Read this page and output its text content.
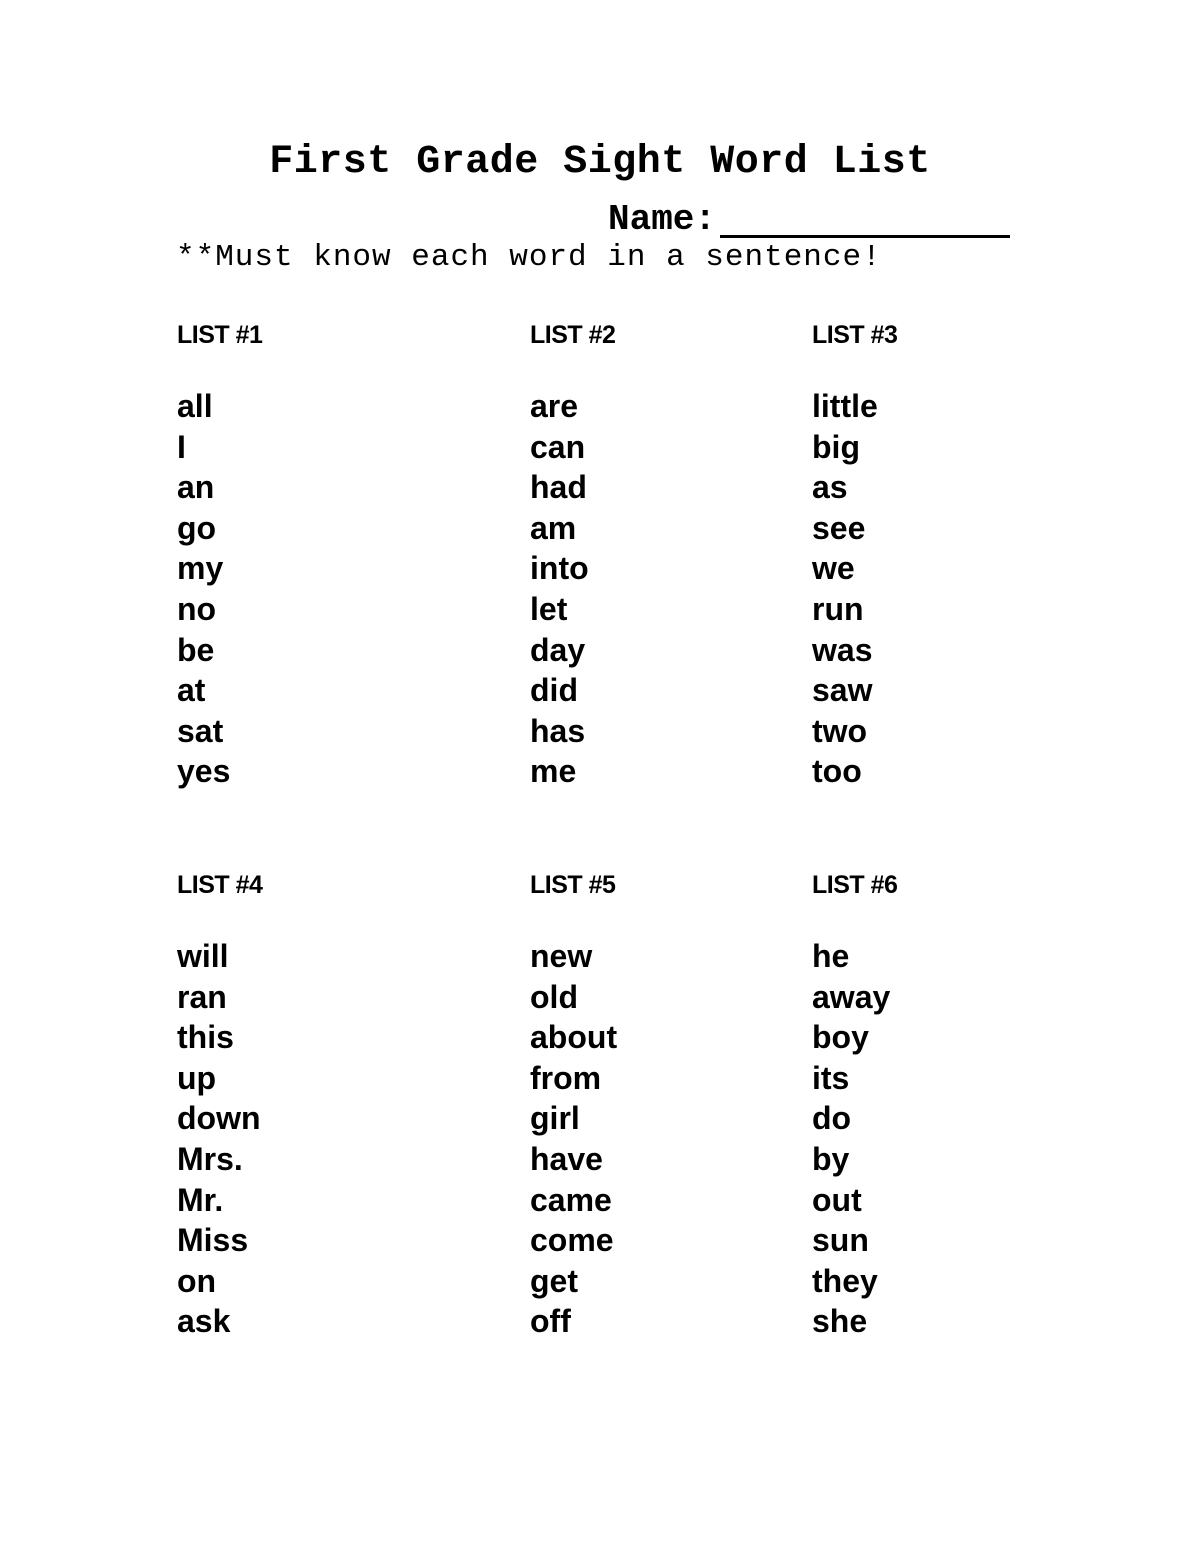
First Grade Sight Word List
Name:

**Must know each word in a sentence!

LIST #1
all
I
an
go
my
no
be
at
sat
yes
LIST #2
are
can
had
am
into
let
day
did
has
me
LIST #3
little
big
as
see
we
run
was
saw
two
too
LIST #4
will
ran
this
up
down
Mrs.
Mr.
Miss
on
ask
LIST #5
new
old
about
from
girl
have
came
come
get
off
LIST #6
he
away
boy
its
do
by
out
sun
they
she
